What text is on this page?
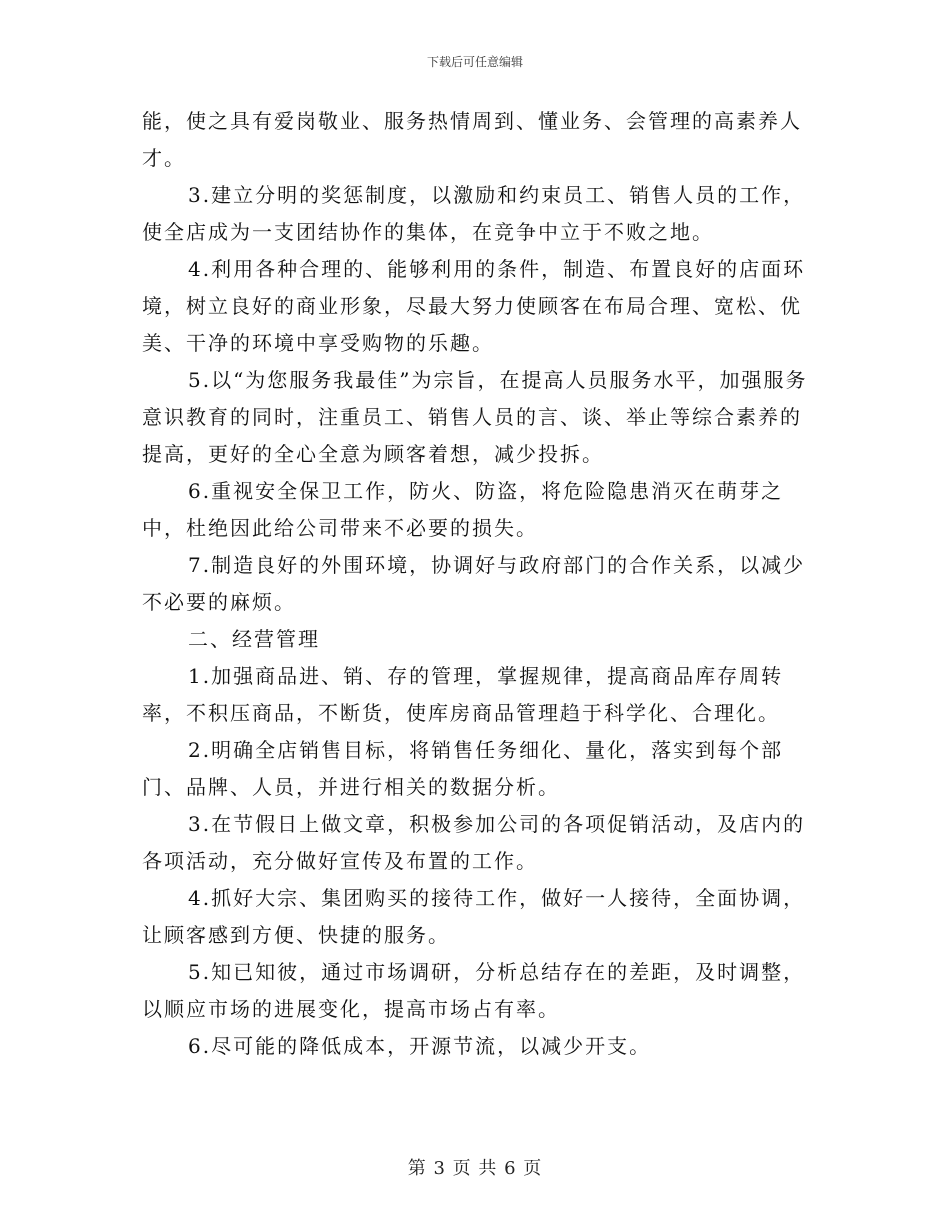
下载后可任意编辑

能，使之具有爱岗敬业、服务热情周到、懂业务、会管理的高素养人才。

3.建立分明的奖惩制度，以激励和约束员工、销售人员的工作，使全店成为一支团结协作的集体，在竞争中立于不败之地。

4.利用各种合理的、能够利用的条件，制造、布置良好的店面环境，树立良好的商业形象，尽最大努力使顾客在布局合理、宽松、优美、干净的环境中享受购物的乐趣。

5.以“为您服务我最佳”为宗旨，在提高人员服务水平，加强服务意识教育的同时，注重员工、销售人员的言、谈、举止等综合素养的提高，更好的全心全意为顾客着想，减少投拆。

6.重视安全保卫工作，防火、防盗，将危险隐患消灭在萌芽之中，杜绝因此给公司带来不必要的损失。

7.制造良好的外围环境，协调好与政府部门的合作关系，以减少不必要的麻烦。

二、经营管理

1.加强商品进、销、存的管理，掌握规律，提高商品库存周转率，不积压商品，不断货，使库房商品管理趋于科学化、合理化。

2.明确全店销售目标，将销售任务细化、量化，落实到每个部门、品牌、人员，并进行相关的数据分析。

3.在节假日上做文章，积极参加公司的各项促销活动，及店内的各项活动，充分做好宣传及布置的工作。

4.抓好大宗、集团购买的接待工作，做好一人接待，全面协调，让顾客感到方便、快捷的服务。

5.知已知彼，通过市场调研，分析总结存在的差距，及时调整，以顺应市场的进展变化，提高市场占有率。

6.尽可能的降低成本，开源节流，以减少开支。

第 3 页 共 6 页
